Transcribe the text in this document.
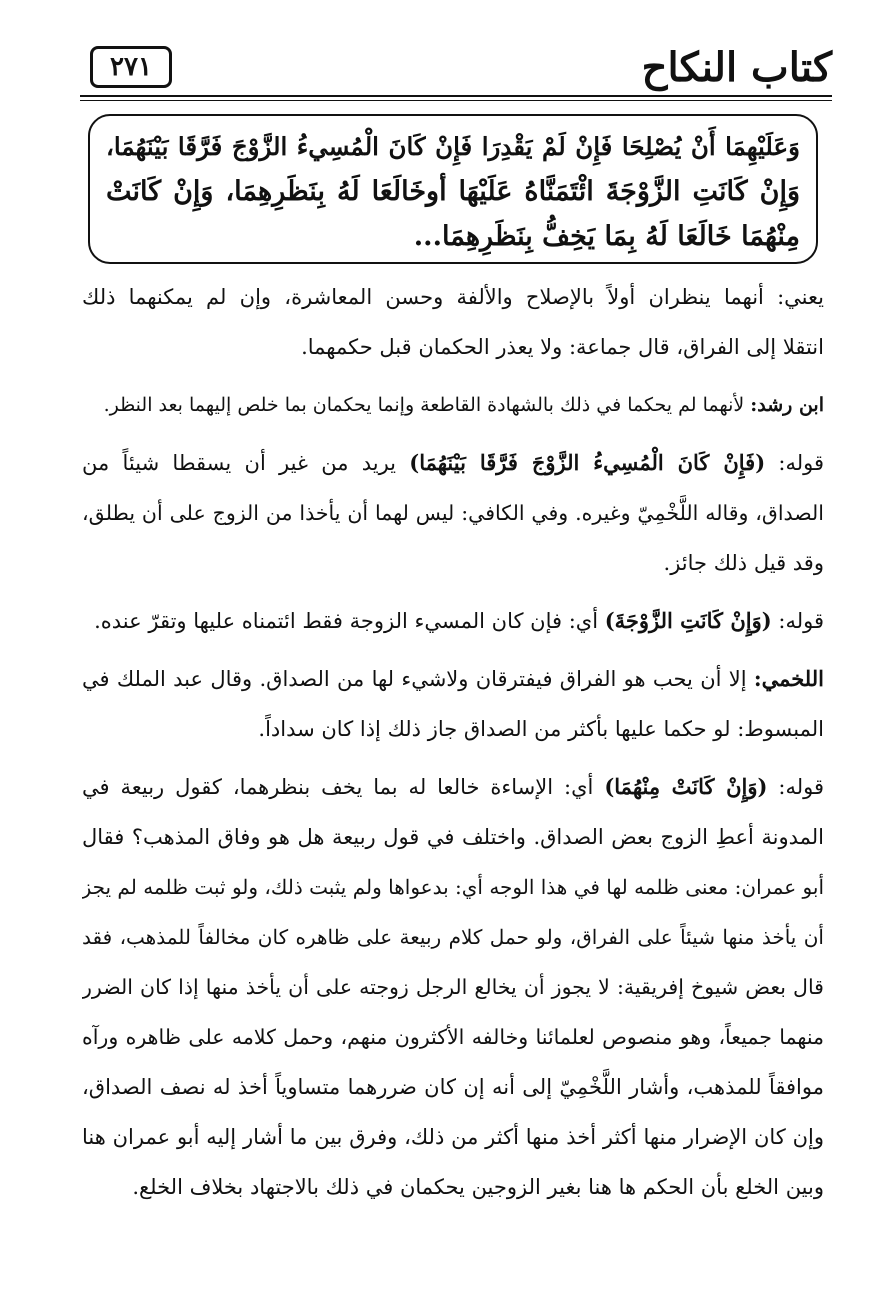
كتاب النكاح
٢٧١
وَعَلَيْهِمَا أَنْ يُصْلِحَا فَإِنْ لَمْ يَقْدِرَا فَإِنْ كَانَ الْمُسِيءُ الزَّوْجَ فَرَّقَا بَيْنَهُمَا،
وَإِنْ كَانَتِ الزَّوْجَةَ ائْتَمَنَّاهُ عَلَيْهَا أوخَالَعَا لَهُ بِنَظَرِهِمَا، وَإِنْ كَانَتْ
مِنْهُمَا خَالَعَا لَهُ بِمَا يَخِفُّ بِنَظَرِهِمَا...
يعني: أنهما ينظران أولاً بالإصلاح والألفة وحسن المعاشرة، وإن لم يمكنهما ذلك
انتقلا إلى الفراق، قال جماعة: ولا يعذر الحكمان قبل حكمهما.
ابن رشد: لأنهما لم يحكما في ذلك بالشهادة القاطعة وإنما يحكمان بما خلص إليهما بعد النظر.
قوله: (فَإِنْ كَانَ الْمُسِيءُ الزَّوْجَ فَرَّقَا بَيْنَهُمَا) يريد من غير أن يسقطا شيئاً من
الصداق، وقاله اللَّخْمِيّ وغيره. وفي الكافي: ليس لهما أن يأخذا من الزوج على أن يطلق،
وقد قيل ذلك جائز.
قوله: (وَإِنْ كَانَتِ الزَّوْجَةَ) أي: فإن كان المسيء الزوجة فقط ائتمناه عليها وتقرّ عنده.
اللخمي: إلا أن يحب هو الفراق فيفترقان ولاشيء لها من الصداق. وقال عبد الملك في
المبسوط: لو حكما عليها بأكثر من الصداق جاز ذلك إذا كان سداداً.
قوله: (وَإِنْ كَانَتْ مِنْهُمَا) أي: الإساءة خالعا له بما يخف بنظرهما، كقول ربيعة في
المدونة أعطِ الزوج بعض الصداق. واختلف في قول ربيعة هل هو وفاق المذهب؟ فقال
أبو عمران: معنى ظلمه لها في هذا الوجه أي: بدعواها ولم يثبت ذلك، ولو ثبت ظلمه لم يجز
أن يأخذ منها شيئاً على الفراق، ولو حمل كلام ربيعة على ظاهره كان مخالفاً للمذهب، فقد
قال بعض شيوخ إفريقية: لا يجوز أن يخالع الرجل زوجته على أن يأخذ منها إذا كان الضرر
منهما جميعاً، وهو منصوص لعلمائنا وخالفه الأكثرون منهم، وحمل كلامه على ظاهره ورآه
موافقاً للمذهب، وأشار اللَّخْمِيّ إلى أنه إن كان ضررهما متساوياً أخذ له نصف الصداق،
وإن كان الإضرار منها أكثر أخذ منها أكثر من ذلك، وفرق بين ما أشار إليه أبو عمران هنا
وبين الخلع بأن الحكم ها هنا بغير الزوجين يحكمان في ذلك بالاجتهاد بخلاف الخلع.
